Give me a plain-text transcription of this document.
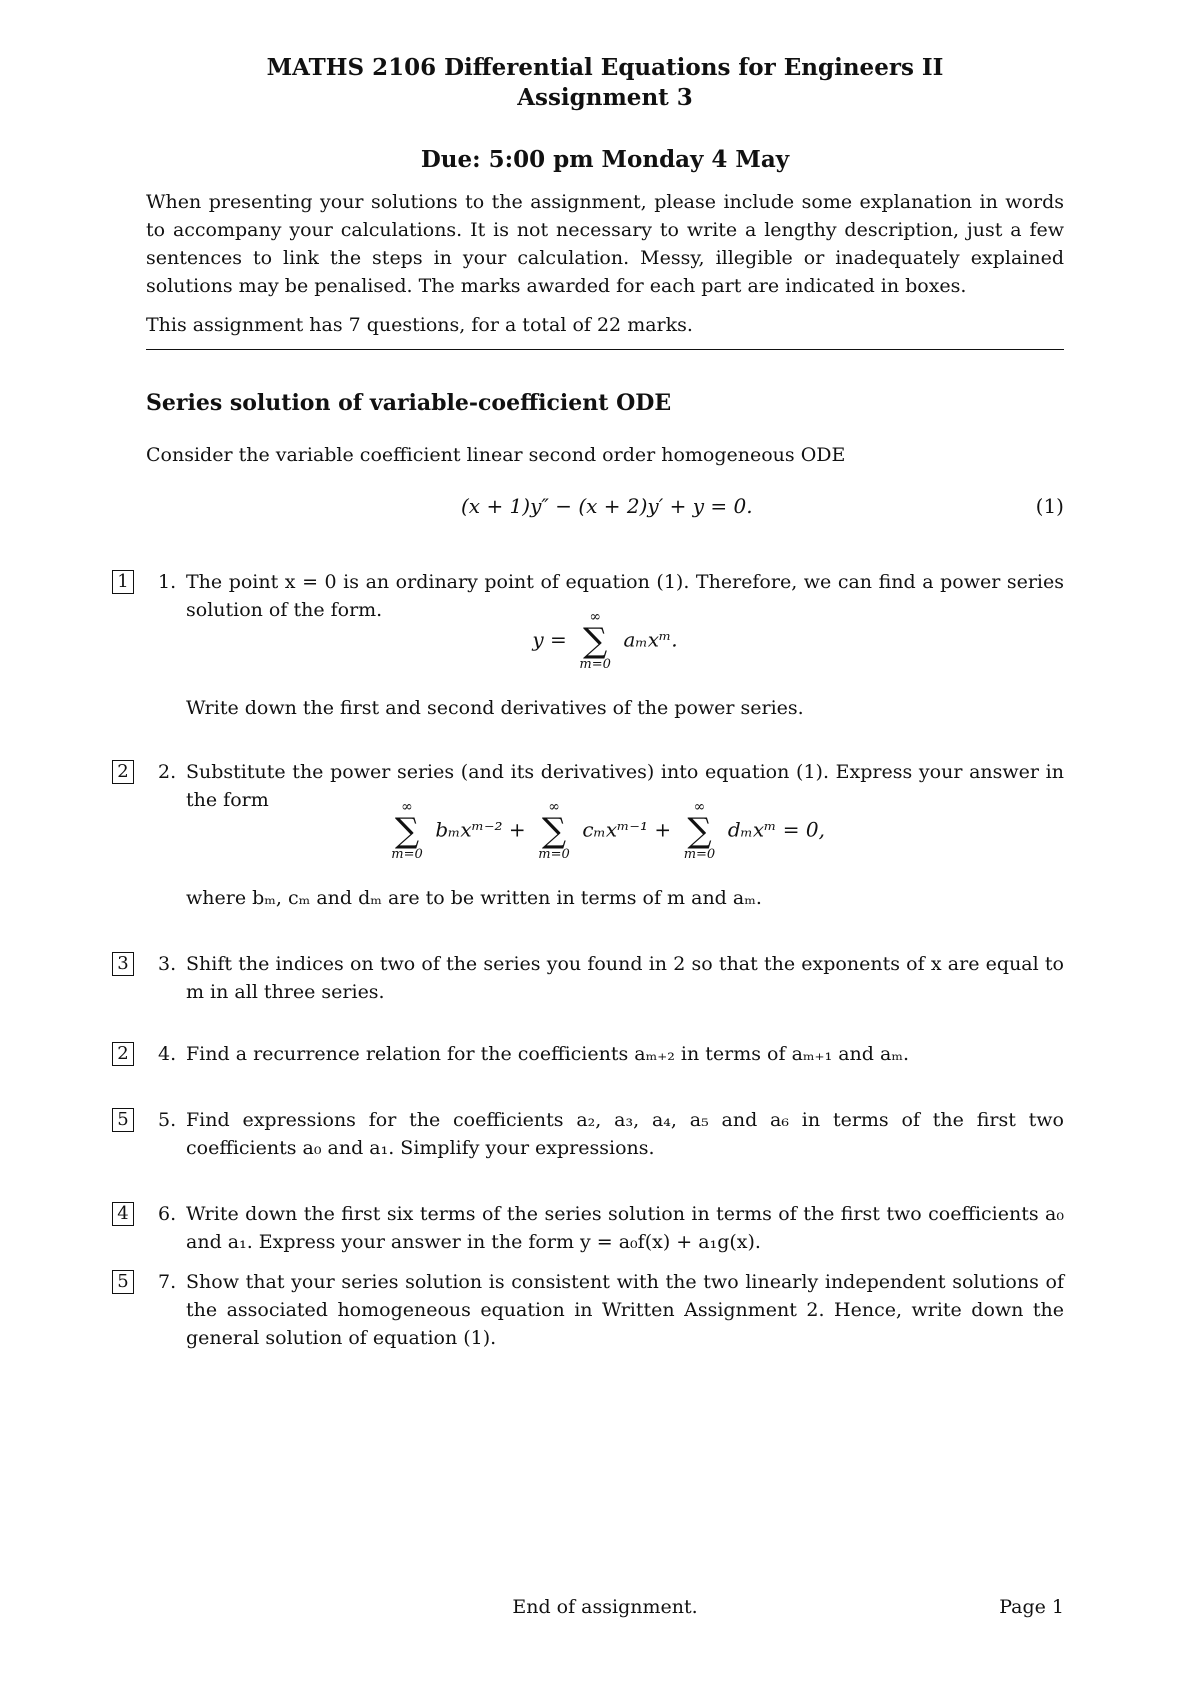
MATHS 2106 Differential Equations for Engineers II
Assignment 3
Due: 5:00 pm Monday 4 May
When presenting your solutions to the assignment, please include some explanation in words to accompany your calculations. It is not necessary to write a lengthy description, just a few sentences to link the steps in your calculation. Messy, illegible or inadequately explained solutions may be penalised. The marks awarded for each part are indicated in boxes.
This assignment has 7 questions, for a total of 22 marks.
Series solution of variable-coefficient ODE
Consider the variable coefficient linear second order homogeneous ODE
(x + 1)y″ − (x + 2)y′ + y = 0.	(1)
1 1. The point x = 0 is an ordinary point of equation (1). Therefore, we can find a power series solution of the form.
y =
∞
∑
m=0
aₘxᵐ.
Write down the first and second derivatives of the power series.
2 2. Substitute the power series (and its derivatives) into equation (1). Express your answer in the form	∞
∑
m=0
bₘxᵐ⁻² +
∞
∑
m=0
cₘxᵐ⁻¹ +
∞
∑
m=0
dₘxᵐ = 0,
where bₘ, cₘ and dₘ are to be written in terms of m and aₘ.
3 3. Shift the indices on two of the series you found in 2 so that the exponents of x are equal to m in all three series.
2 4. Find a recurrence relation for the coefficients aₘ₊₂ in terms of aₘ₊₁ and aₘ.
5 5. Find expressions for the coefficients a₂, a₃, a₄, a₅ and a₆ in terms of the first two coefficients a₀ and a₁. Simplify your expressions.
4 6. Write down the first six terms of the series solution in terms of the first two coefficients a₀ and a₁. Express your answer in the form y = a₀f(x) + a₁g(x).
5 7. Show that your series solution is consistent with the two linearly independent solutions of the associated homogeneous equation in Written Assignment 2. Hence, write down the general solution of equation (1).
End of assignment.	Page 1
